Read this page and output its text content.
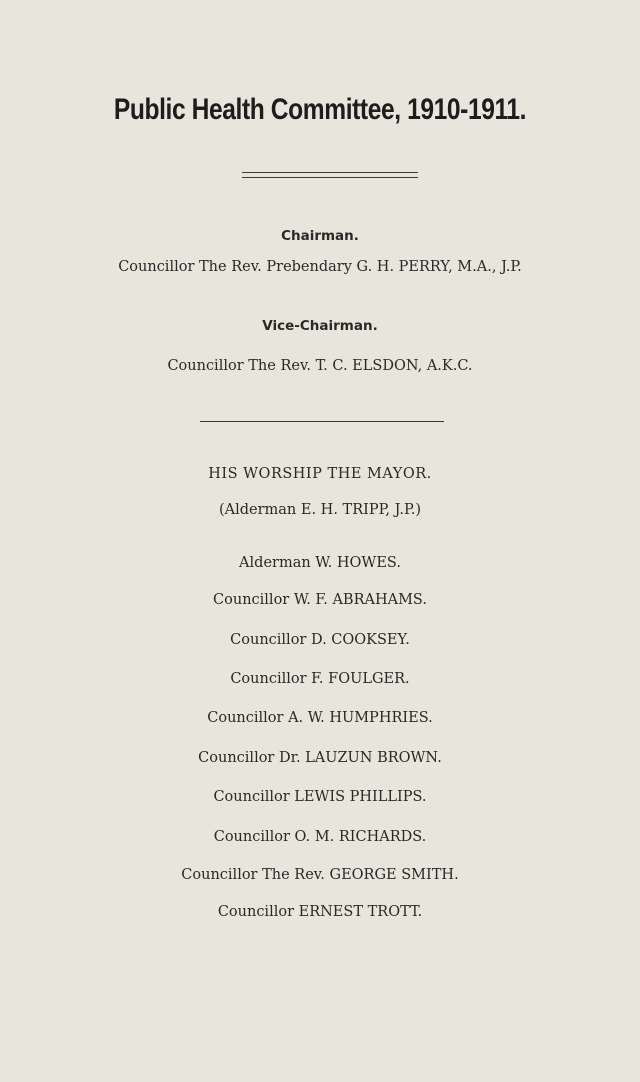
Public Health Committee, 1910-1911.
Chairman.
Councillor The Rev. Prebendary G. H. PERRY, M.A., J.P.
Vice-Chairman.
Councillor The Rev. T. C. ELSDON, A.K.C.
HIS WORSHIP THE MAYOR.
(Alderman E. H. TRIPP, J.P.)
Alderman W. HOWES.
Councillor W. F. ABRAHAMS.
Councillor D. COOKSEY.
Councillor F. FOULGER.
Councillor A. W. HUMPHRIES.
Councillor Dr. LAUZUN BROWN.
Councillor LEWIS PHILLIPS.
Councillor O. M. RICHARDS.
Councillor The Rev. GEORGE SMITH.
Councillor ERNEST TROTT.
